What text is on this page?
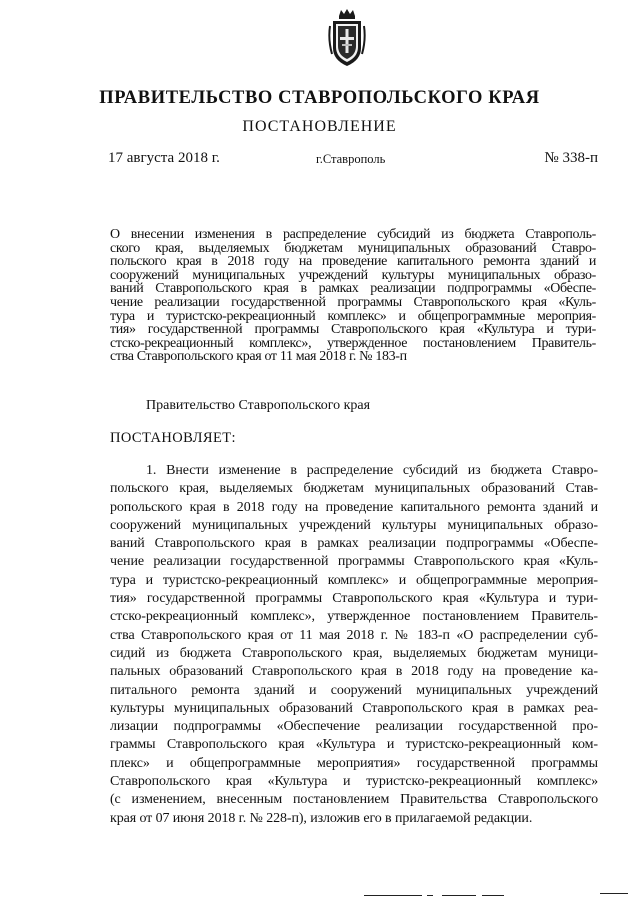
ПРАВИТЕЛЬСТВО СТАВРОПОЛЬСКОГО КРАЯ
ПОСТАНОВЛЕНИЕ
17 августа 2018 г.	г.Ставрополь	№ 338-п
О внесении изменения в распределение субсидий из бюджета Ставрополь-
ского края, выделяемых бюджетам муниципальных образований Ставро-
польского края в 2018 году на проведение капитального ремонта зданий и
сооружений муниципальных учреждений культуры муниципальных образо-
ваний Ставропольского края в рамках реализации подпрограммы «Обеспе-
чение реализации государственной программы Ставропольского края «Куль-
тура и туристско-рекреационный комплекс» и общепрограммные мероприя-
тия» государственной программы Ставропольского края «Культура и тури-
стско-рекреационный комплекс», утвержденное постановлением Правитель-
ства Ставропольского края от 11 мая 2018 г. № 183-п
Правительство Ставропольского края
ПОСТАНОВЛЯЕТ:
1. Внести изменение в распределение субсидий из бюджета Ставро-
польского края, выделяемых бюджетам муниципальных образований Став-
ропольского края в 2018 году на проведение капитального ремонта зданий и
сооружений муниципальных учреждений культуры муниципальных образо-
ваний Ставропольского края в рамках реализации подпрограммы «Обеспе-
чение реализации государственной программы Ставропольского края «Куль-
тура и туристско-рекреационный комплекс» и общепрограммные мероприя-
тия» государственной программы Ставропольского края «Культура и тури-
стско-рекреационный комплекс», утвержденное постановлением Правитель-
ства Ставропольского края от 11 мая 2018 г. № 183-п «О распределении суб-
сидий из бюджета Ставропольского края, выделяемых бюджетам муници-
пальных образований Ставропольского края в 2018 году на проведение ка-
питального ремонта зданий и сооружений муниципальных учреждений
культуры муниципальных образований Ставропольского края в рамках реа-
лизации подпрограммы «Обеспечение реализации государственной про-
граммы Ставропольского края «Культура и туристско-рекреационный ком-
плекс» и общепрограммные мероприятия» государственной программы
Ставропольского края «Культура и туристско-рекреационный комплекс»
(с изменением, внесенным постановлением Правительства Ставропольского
края от 07 июня 2018 г. № 228-п), изложив его в прилагаемой редакции.
